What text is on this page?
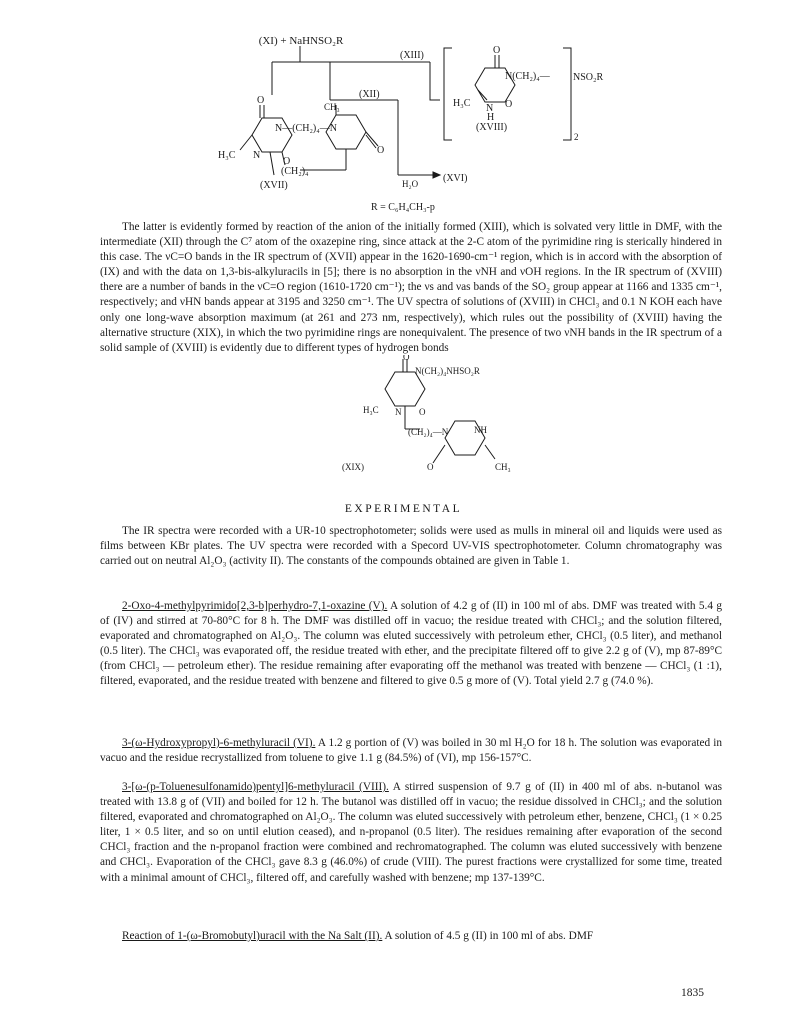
(XI) + NaHNSO₂R
(XIII)
(XII)
O
N(CH₂)₄— NSO₂R
H₃C N O
H
2
(XVIII)
O
CH₃
N—(CH₂)₄—N
H₃C N
O
O
(CH₂)₄
(XVII)
(XVI)
H₂O
R = C₆H₄CH₃-p

The latter is evidently formed by reaction of the anion of the initially formed (XIII), which is solvated very little in DMF, with the intermediate (XII) through the C⁷ atom of the oxazepine ring, since attack at the 2-C atom of the pyrimidine ring is sterically hindered in this case. The νC=O bands in the IR spectrum of (XVII) appear in the 1620-1690-cm⁻¹ region, which is in accord with the absorption of (IX) and with the data on 1,3-bis-alkyluracils in [5]; there is no absorption in the νNH and νOH regions. In the IR spectrum of (XVIII) there are a number of bands in the νC=O region (1610-1720 cm⁻¹); the νs and νas bands of the SO₂ group appear at 1166 and 1335 cm⁻¹, respectively; and νHN bands appear at 3195 and 3250 cm⁻¹. The UV spectra of solutions of (XVIII) in CHCl₃ and 0.1 N KOH each have only one long-wave absorption maximum (at 261 and 273 nm, respectively), which rules out the possibility of (XVIII) having the alternative structure (XIX), in which the two pyrimidine rings are nonequivalent. The presence of two νNH bands in the IR spectrum of a solid sample of (XVIII) is evidently due to different types of hydrogen bonds

O
N(CH₂)₄NHSO₂R
H₃C N O
(CH₂)₄—N	NH
(XIX)	O	CH₃
EXPERIMENTAL

The IR spectra were recorded with a UR-10 spectrophotometer; solids were used as mulls in mineral oil and liquids were used as films between KBr plates. The UV spectra were recorded with a Specord UV-VIS spectrophotometer. Column chromatography was carried out on neutral Al₂O₃ (activity II). The constants of the compounds obtained are given in Table 1.

2-Oxo-4-methylpyrimido[2,3-b]perhydro-7,1-oxazine (V). A solution of 4.2 g of (II) in 100 ml of abs. DMF was treated with 5.4 g of (IV) and stirred at 70-80°C for 8 h. The DMF was distilled off in vacuo; the residue treated with CHCl₃; and the solution filtered, evaporated and chromatographed on Al₂O₃. The column was eluted successively with petroleum ether, CHCl₃ (0.5 liter), and methanol (0.5 liter). The CHCl₃ was evaporated off, the residue treated with ether, and the precipitate filtered off to give 2.2 g of (V), mp 87-89°C (from CHCl₃ — petroleum ether). The residue remaining after evaporating off the methanol was treated with benzene — CHCl₃ (1 :1), filtered, evaporated, and the residue treated with benzene and filtered to give 0.5 g more of (V). Total yield 2.7 g (74.0 %).

3-(ω-Hydroxypropyl)-6-methyluracil (VI). A 1.2 g portion of (V) was boiled in 30 ml H₂O for 18 h. The solution was evaporated in vacuo and the residue recrystallized from toluene to give 1.1 g (84.5%) of (VI), mp 156-157°C.

3-[ω-(p-Toluenesulfonamido)pentyl]6-methyluracil (VIII). A stirred suspension of 9.7 g of (II) in 400 ml of abs. n-butanol was treated with 13.8 g of (VII) and boiled for 12 h. The butanol was distilled off in vacuo; the residue dissolved in CHCl₃; and the solution filtered, evaporated and chromatographed on Al₂O₃. The column was eluted successively with petroleum ether, benzene, CHCl₃ (1 × 0.25 liter, 1 × 0.5 liter, and so on until elution ceased), and n-propanol (0.5 liter). The residues remaining after evaporation of the second CHCl₃ fraction and the n-propanol fraction were combined and rechromatographed. The column was eluted successively with benzene and CHCl₃. Evaporation of the CHCl₃ gave 8.3 g (46.0%) of crude (VIII). The purest fractions were crystallized for some time, treated with a minimal amount of CHCl₃, filtered off, and carefully washed with benzene; mp 137-139°C.

Reaction of 1-(ω-Bromobutyl)uracil with the Na Salt (II). A solution of 4.5 g (II) in 100 ml of abs. DMF

1835
